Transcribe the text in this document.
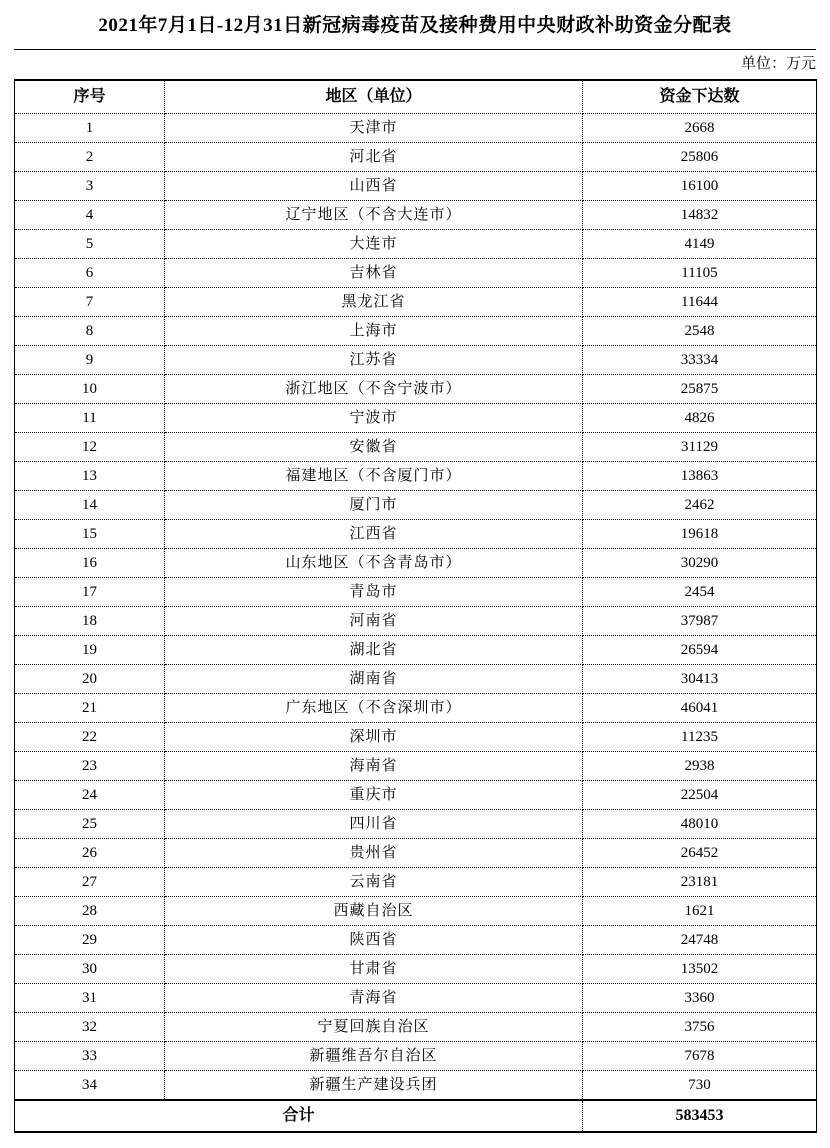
2021年7月1日-12月31日新冠病毒疫苗及接种费用中央财政补助资金分配表
单位：万元
序号	地区（单位）	资金下达数
1	天津市	2668
2	河北省	25806
3	山西省	16100
4	辽宁地区（不含大连市）	14832
5	大连市	4149
6	吉林省	11105
7	黑龙江省	11644
8	上海市	2548
9	江苏省	33334
10	浙江地区（不含宁波市）	25875
11	宁波市	4826
12	安徽省	31129
13	福建地区（不含厦门市）	13863
14	厦门市	2462
15	江西省	19618
16	山东地区（不含青岛市）	30290
17	青岛市	2454
18	河南省	37987
19	湖北省	26594
20	湖南省	30413
21	广东地区（不含深圳市）	46041
22	深圳市	11235
23	海南省	2938
24	重庆市	22504
25	四川省	48010
26	贵州省	26452
27	云南省	23181
28	西藏自治区	1621
29	陕西省	24748
30	甘肃省	13502
31	青海省	3360
32	宁夏回族自治区	3756
33	新疆维吾尔自治区	7678
34	新疆生产建设兵团	730
合计		583453
